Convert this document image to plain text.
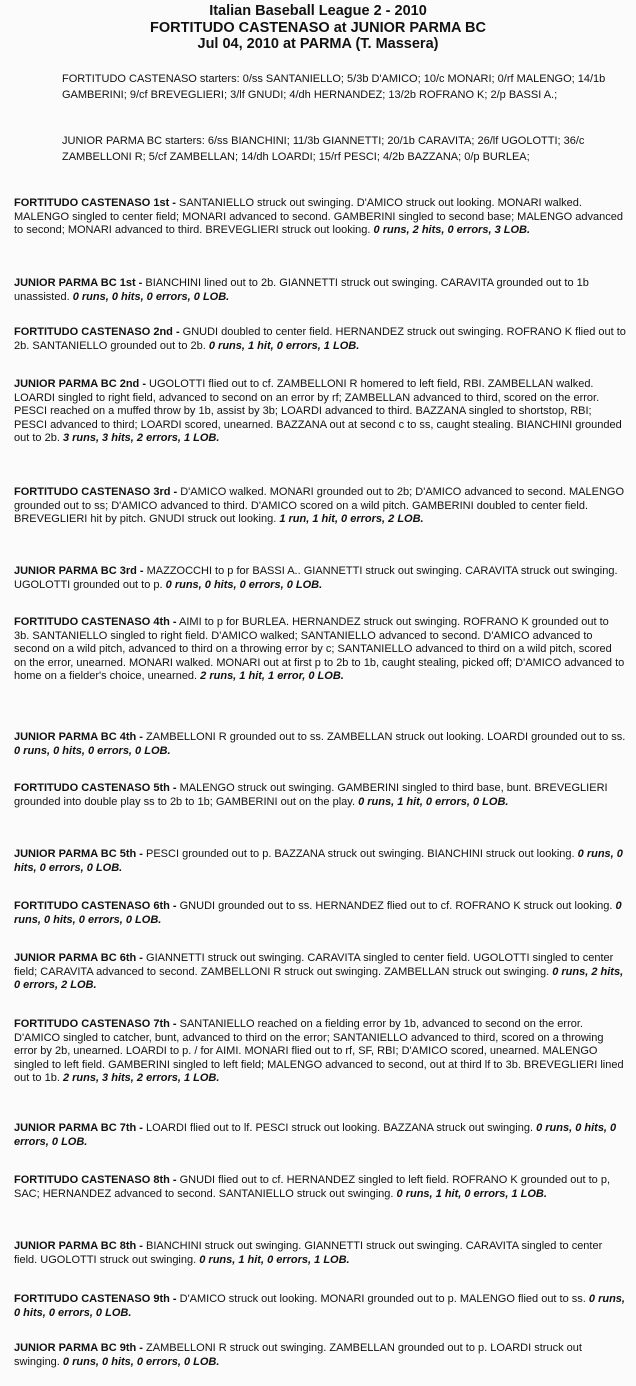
Italian Baseball League 2 - 2010
FORTITUDO CASTENASO at JUNIOR PARMA BC
Jul 04, 2010 at PARMA (T. Massera)
FORTITUDO CASTENASO starters: 0/ss SANTANIELLO; 5/3b D'AMICO; 10/c MONARI; 0/rf MALENGO; 14/1b GAMBERINI; 9/cf BREVEGLIERI; 3/lf GNUDI; 4/dh HERNANDEZ; 13/2b ROFRANO K; 2/p BASSI A.;
JUNIOR PARMA BC starters: 6/ss BIANCHINI; 11/3b GIANNETTI; 20/1b CARAVITA; 26/lf UGOLOTTI; 36/c ZAMBELLONI R; 5/cf ZAMBELLAN; 14/dh LOARDI; 15/rf PESCI; 4/2b BAZZANA; 0/p BURLEA;
FORTITUDO CASTENASO 1st - SANTANIELLO struck out swinging. D'AMICO struck out looking. MONARI walked. MALENGO singled to center field; MONARI advanced to second. GAMBERINI singled to second base; MALENGO advanced to second; MONARI advanced to third. BREVEGLIERI struck out looking. 0 runs, 2 hits, 0 errors, 3 LOB.
JUNIOR PARMA BC 1st - BIANCHINI lined out to 2b. GIANNETTI struck out swinging. CARAVITA grounded out to 1b unassisted. 0 runs, 0 hits, 0 errors, 0 LOB.
FORTITUDO CASTENASO 2nd - GNUDI doubled to center field. HERNANDEZ struck out swinging. ROFRANO K flied out to 2b. SANTANIELLO grounded out to 2b. 0 runs, 1 hit, 0 errors, 1 LOB.
JUNIOR PARMA BC 2nd - UGOLOTTI flied out to cf. ZAMBELLONI R homered to left field, RBI. ZAMBELLAN walked. LOARDI singled to right field, advanced to second on an error by rf; ZAMBELLAN advanced to third, scored on the error. PESCI reached on a muffed throw by 1b, assist by 3b; LOARDI advanced to third. BAZZANA singled to shortstop, RBI; PESCI advanced to third; LOARDI scored, unearned. BAZZANA out at second c to ss, caught stealing. BIANCHINI grounded out to 2b. 3 runs, 3 hits, 2 errors, 1 LOB.
FORTITUDO CASTENASO 3rd - D'AMICO walked. MONARI grounded out to 2b; D'AMICO advanced to second. MALENGO grounded out to ss; D'AMICO advanced to third. D'AMICO scored on a wild pitch. GAMBERINI doubled to center field. BREVEGLIERI hit by pitch. GNUDI struck out looking. 1 run, 1 hit, 0 errors, 2 LOB.
JUNIOR PARMA BC 3rd - MAZZOCCHI to p for BASSI A.. GIANNETTI struck out swinging. CARAVITA struck out swinging. UGOLOTTI grounded out to p. 0 runs, 0 hits, 0 errors, 0 LOB.
FORTITUDO CASTENASO 4th - AIMI to p for BURLEA. HERNANDEZ struck out swinging. ROFRANO K grounded out to 3b. SANTANIELLO singled to right field. D'AMICO walked; SANTANIELLO advanced to second. D'AMICO advanced to second on a wild pitch, advanced to third on a throwing error by c; SANTANIELLO advanced to third on a wild pitch, scored on the error, unearned. MONARI walked. MONARI out at first p to 2b to 1b, caught stealing, picked off; D'AMICO advanced to home on a fielder's choice, unearned. 2 runs, 1 hit, 1 error, 0 LOB.
JUNIOR PARMA BC 4th - ZAMBELLONI R grounded out to ss. ZAMBELLAN struck out looking. LOARDI grounded out to ss. 0 runs, 0 hits, 0 errors, 0 LOB.
FORTITUDO CASTENASO 5th - MALENGO struck out swinging. GAMBERINI singled to third base, bunt. BREVEGLIERI grounded into double play ss to 2b to 1b; GAMBERINI out on the play. 0 runs, 1 hit, 0 errors, 0 LOB.
JUNIOR PARMA BC 5th - PESCI grounded out to p. BAZZANA struck out swinging. BIANCHINI struck out looking. 0 runs, 0 hits, 0 errors, 0 LOB.
FORTITUDO CASTENASO 6th - GNUDI grounded out to ss. HERNANDEZ flied out to cf. ROFRANO K struck out looking. 0 runs, 0 hits, 0 errors, 0 LOB.
JUNIOR PARMA BC 6th - GIANNETTI struck out swinging. CARAVITA singled to center field. UGOLOTTI singled to center field; CARAVITA advanced to second. ZAMBELLONI R struck out swinging. ZAMBELLAN struck out swinging. 0 runs, 2 hits, 0 errors, 2 LOB.
FORTITUDO CASTENASO 7th - SANTANIELLO reached on a fielding error by 1b, advanced to second on the error. D'AMICO singled to catcher, bunt, advanced to third on the error; SANTANIELLO advanced to third, scored on a throwing error by 2b, unearned. LOARDI to p. / for AIMI. MONARI flied out to rf, SF, RBI; D'AMICO scored, unearned. MALENGO singled to left field. GAMBERINI singled to left field; MALENGO advanced to second, out at third lf to 3b. BREVEGLIERI lined out to 1b. 2 runs, 3 hits, 2 errors, 1 LOB.
JUNIOR PARMA BC 7th - LOARDI flied out to lf. PESCI struck out looking. BAZZANA struck out swinging. 0 runs, 0 hits, 0 errors, 0 LOB.
FORTITUDO CASTENASO 8th - GNUDI flied out to cf. HERNANDEZ singled to left field. ROFRANO K grounded out to p, SAC; HERNANDEZ advanced to second. SANTANIELLO struck out swinging. 0 runs, 1 hit, 0 errors, 1 LOB.
JUNIOR PARMA BC 8th - BIANCHINI struck out swinging. GIANNETTI struck out swinging. CARAVITA singled to center field. UGOLOTTI struck out swinging. 0 runs, 1 hit, 0 errors, 1 LOB.
FORTITUDO CASTENASO 9th - D'AMICO struck out looking. MONARI grounded out to p. MALENGO flied out to ss. 0 runs, 0 hits, 0 errors, 0 LOB.
JUNIOR PARMA BC 9th - ZAMBELLONI R struck out swinging. ZAMBELLAN grounded out to p. LOARDI struck out swinging. 0 runs, 0 hits, 0 errors, 0 LOB.
